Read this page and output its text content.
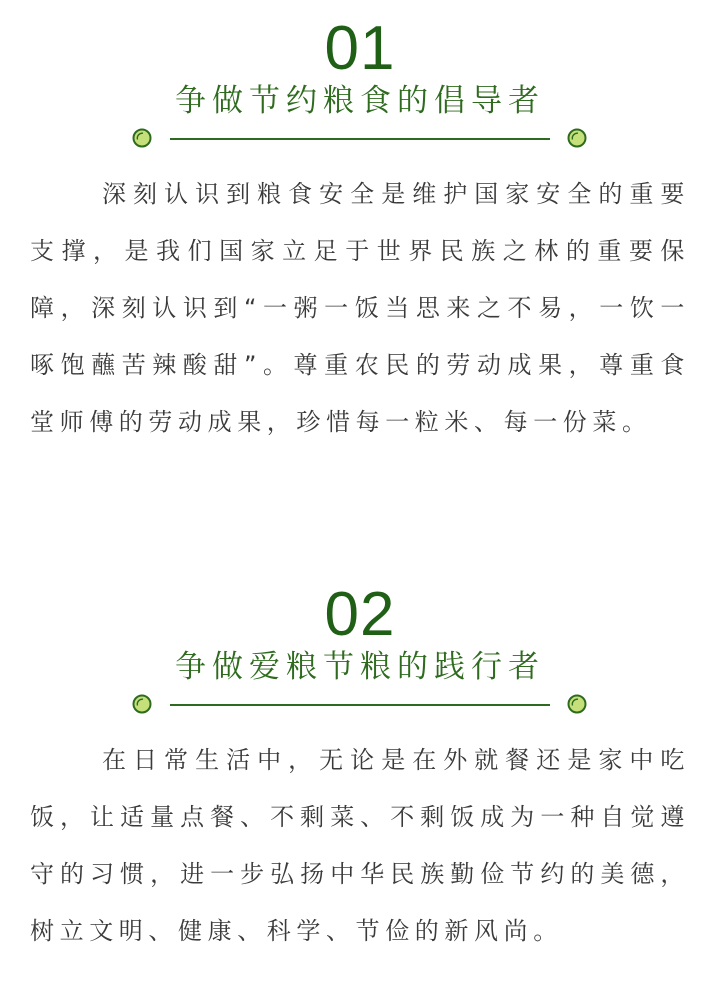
01
争做节约粮食的倡导者

深刻认识到粮食安全是维护国家安全的重要支撑，是我们国家立足于世界民族之林的重要保障，深刻认识到“一粥一饭当思来之不易，一饮一啄饱蘸苦辣酸甜”。尊重农民的劳动成果，尊重食堂师傅的劳动成果，珍惜每一粒米、每一份菜。

02
争做爱粮节粮的践行者

在日常生活中，无论是在外就餐还是家中吃饭，让适量点餐、不剩菜、不剩饭成为一种自觉遵守的习惯，进一步弘扬中华民族勤俭节约的美德，树立文明、健康、科学、节俭的新风尚。
